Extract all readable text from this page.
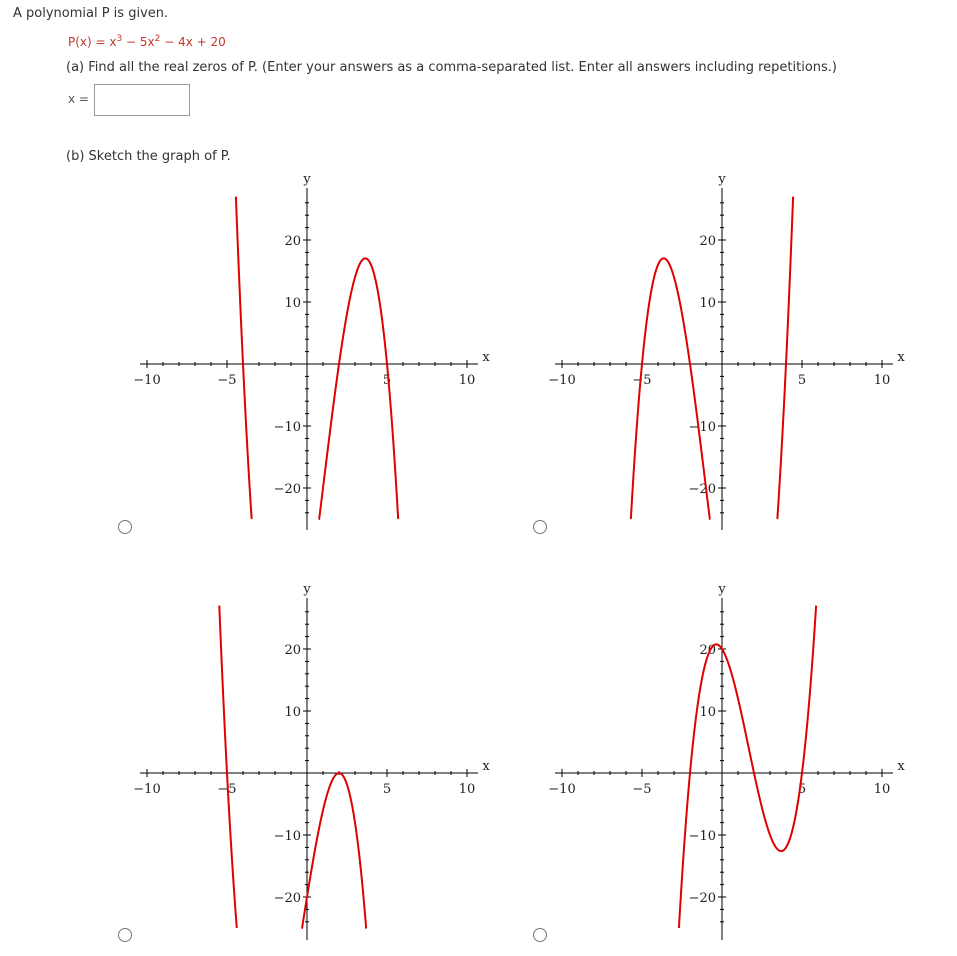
A polynomial P is given.
$P(x) = x^3 - 5x^2 - 4x + 20$
(a) Find all the real zeros of P. (Enter your answers as a comma-separated list. Enter all answers including repetitions.)
x =
(b) Sketch the graph of P.
−10	−5	5	10
20
10
−10
−20
x
y
−10	−5	5	10
20
10
−10
−20
x
y
−10	−5	5	10
20
10
−10
−20
x
y
−10	−5	5	10
20
10
−10
−20
x
y
